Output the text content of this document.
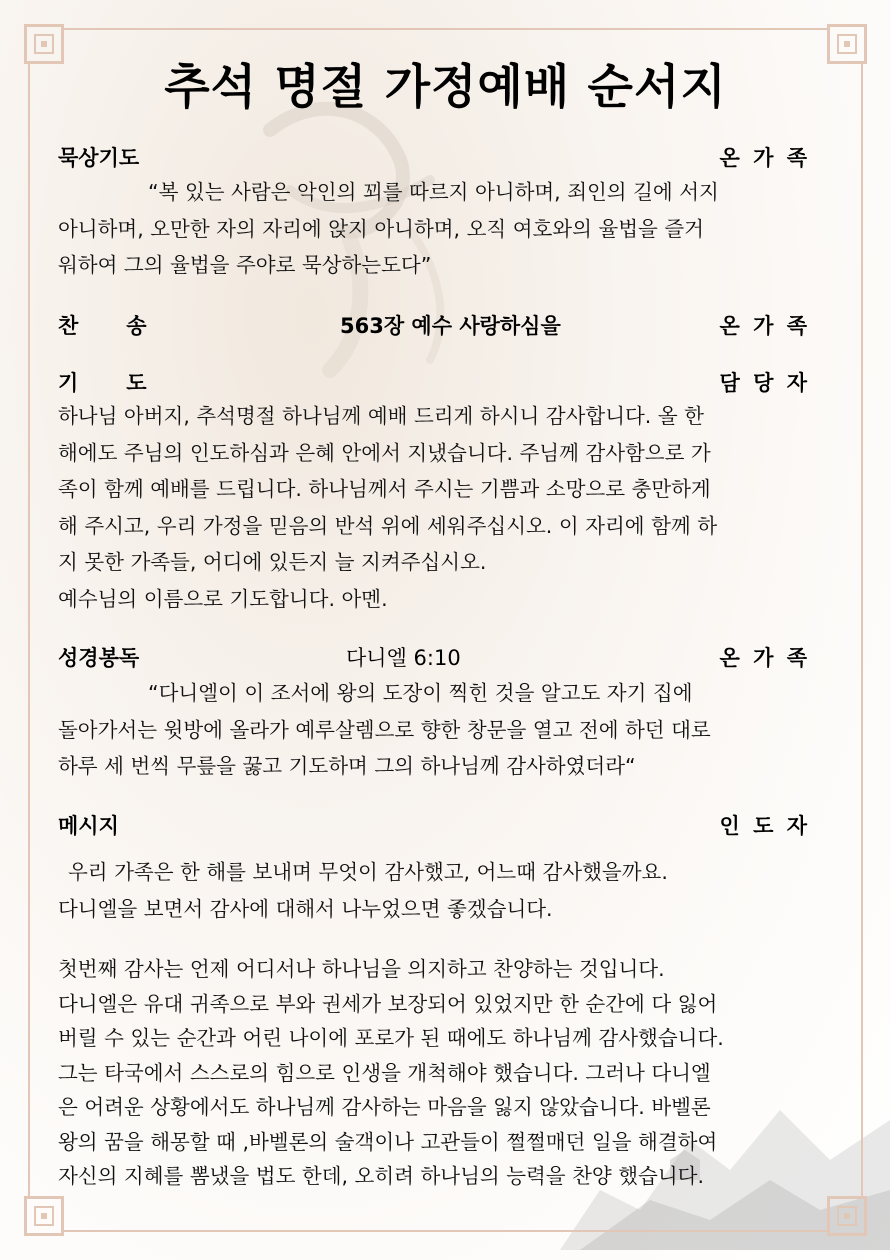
추석 명절 가정예배 순서지
묵상기도	온 가 족
“복 있는 사람은 악인의 꾀를 따르지 아니하며, 죄인의 길에 서지
아니하며, 오만한 자의 자리에 앉지 아니하며, 오직 여호와의 율법을 즐거
워하여 그의 율법을 주야로 묵상하는도다”
찬송	563장 예수 사랑하심을	온 가 족
기도	담 당 자
하나님 아버지, 추석명절 하나님께 예배 드리게 하시니 감사합니다. 올 한
해에도 주님의 인도하심과 은혜 안에서 지냈습니다. 주님께 감사함으로 가
족이 함께 예배를 드립니다. 하나님께서 주시는 기쁨과 소망으로 충만하게
해 주시고, 우리 가정을 믿음의 반석 위에 세워주십시오. 이 자리에 함께 하
지 못한 가족들, 어디에 있든지 늘 지켜주십시오.
예수님의 이름으로 기도합니다. 아멘.
성경봉독	다니엘 6:10	온 가 족
“다니엘이 이 조서에 왕의 도장이 찍힌 것을 알고도 자기 집에
돌아가서는 윗방에 올라가 예루살렘으로 향한 창문을 열고 전에 하던 대로
하루 세 번씩 무릎을 꿇고 기도하며 그의 하나님께 감사하였더라“
메시지	인 도 자
우리 가족은 한 해를 보내며 무엇이 감사했고, 어느때 감사했을까요.
다니엘을 보면서 감사에 대해서 나누었으면 좋겠습니다.
첫번째 감사는 언제 어디서나 하나님을 의지하고 찬양하는 것입니다.
다니엘은 유대 귀족으로 부와 권세가 보장되어 있었지만 한 순간에 다 잃어
버릴 수 있는 순간과 어린 나이에 포로가 된 때에도 하나님께 감사했습니다.
그는 타국에서 스스로의 힘으로 인생을 개척해야 했습니다. 그러나 다니엘
은 어려운 상황에서도 하나님께 감사하는 마음을 잃지 않았습니다. 바벨론
왕의 꿈을 해몽할 때 ,바벨론의 술객이나 고관들이 쩔쩔매던 일을 해결하여
자신의 지혜를 뽐냈을 법도 한데, 오히려 하나님의 능력을 찬양 했습니다.
